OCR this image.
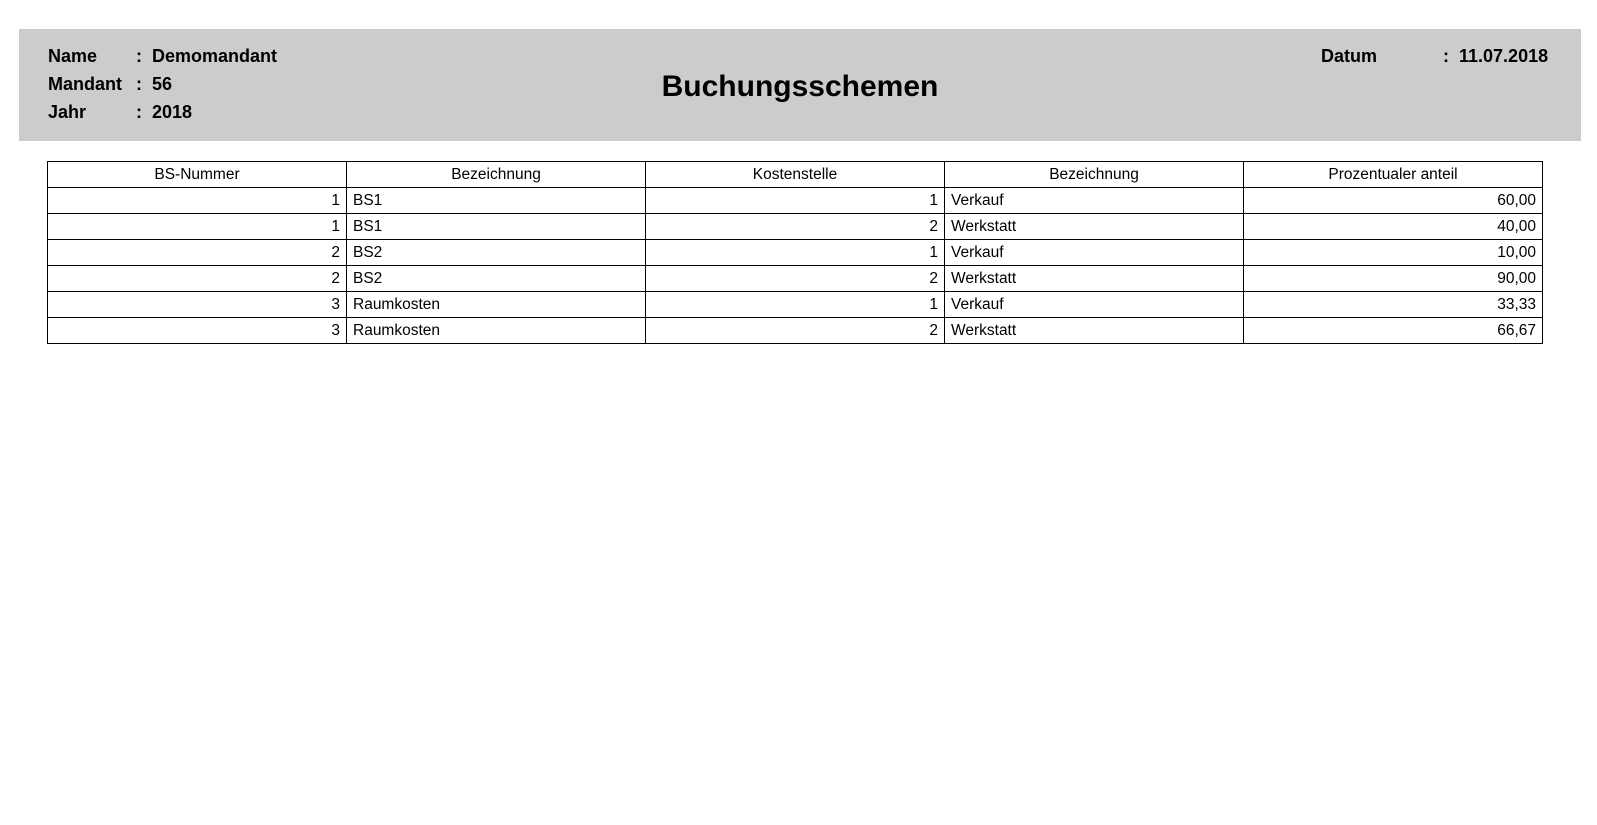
Name : Demomandant
Mandant : 56
Jahr	: 2018
Buchungsschemen
Datum	: 11.07.2018
BS-Nummer	Bezeichnung	Kostenstelle	Bezeichnung	Prozentualer anteil
1	BS1	1	Verkauf	60,00
1	BS1	2	Werkstatt	40,00
2	BS2	1	Verkauf	10,00
2	BS2	2	Werkstatt	90,00
3	Raumkosten	1	Verkauf	33,33
3	Raumkosten	2	Werkstatt	66,67
